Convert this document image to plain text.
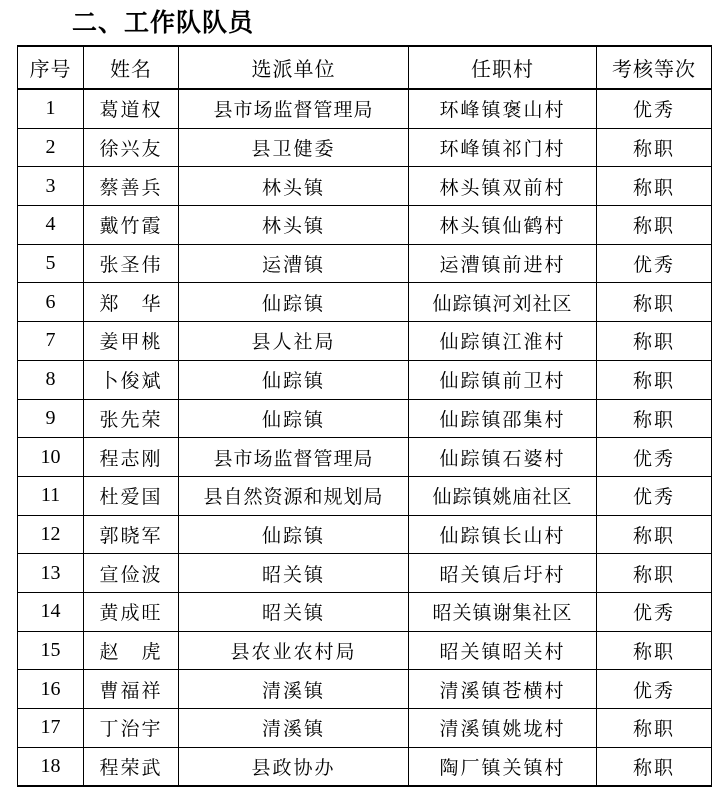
二、工作队队员
序号	姓名	选派单位	任职村	考核等次
1	葛道权	县市场监督管理局	环峰镇褒山村	优秀
2	徐兴友	县卫健委	环峰镇祁门村	称职
3	蔡善兵	林头镇	林头镇双前村	称职
4	戴竹霞	林头镇	林头镇仙鹤村	称职
5	张圣伟	运漕镇	运漕镇前进村	优秀
6	郑　华	仙踪镇	仙踪镇河刘社区	称职
7	姜甲桃	县人社局	仙踪镇江淮村	称职
8	卜俊斌	仙踪镇	仙踪镇前卫村	称职
9	张先荣	仙踪镇	仙踪镇邵集村	称职
10	程志刚	县市场监督管理局	仙踪镇石婆村	优秀
11	杜爱国	县自然资源和规划局	仙踪镇姚庙社区	优秀
12	郭晓军	仙踪镇	仙踪镇长山村	称职
13	宣俭波	昭关镇	昭关镇后圩村	称职
14	黄成旺	昭关镇	昭关镇谢集社区	优秀
15	赵　虎	县农业农村局	昭关镇昭关村	称职
16	曹福祥	清溪镇	清溪镇苍横村	优秀
17	丁治宇	清溪镇	清溪镇姚垅村	称职
18	程荣武	县政协办	陶厂镇关镇村	称职
